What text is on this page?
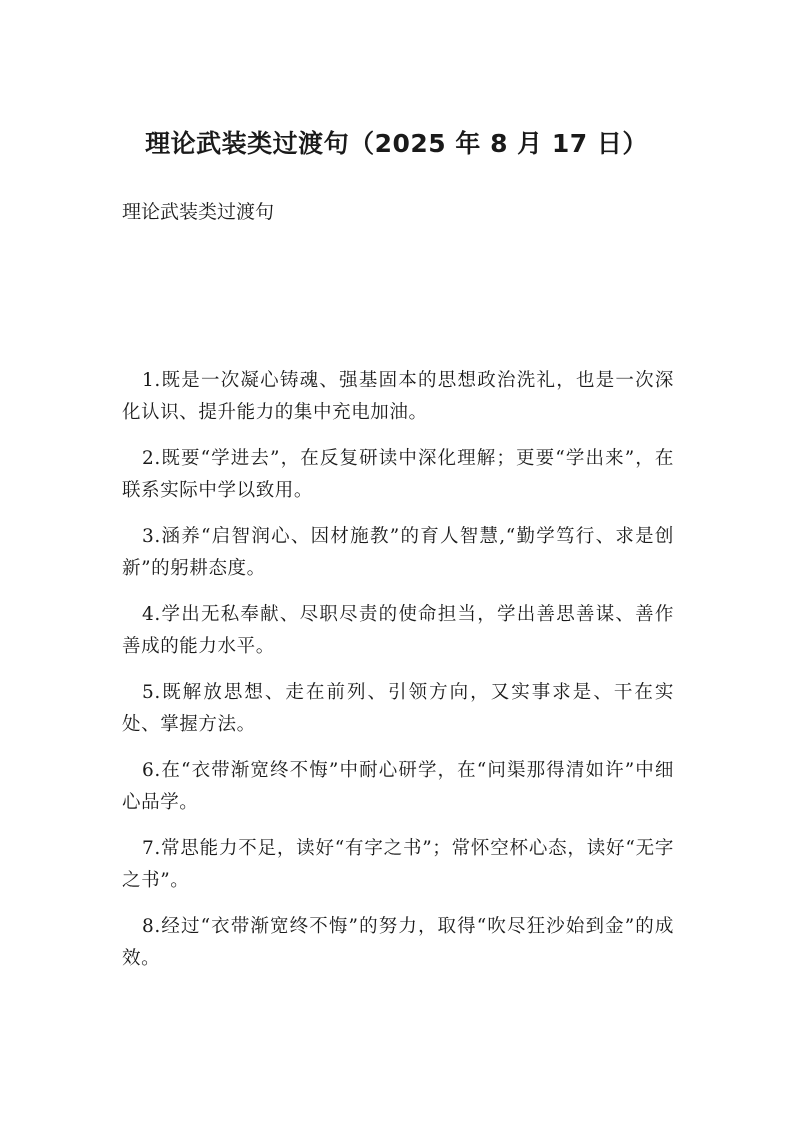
理论武装类过渡句（2025 年 8 月 17 日）

理论武装类过渡句

1.既是一次凝心铸魂、强基固本的思想政治洗礼，也是一次深化认识、提升能力的集中充电加油。
2.既要“学进去”，在反复研读中深化理解；更要“学出来”，在联系实际中学以致用。
3.涵养“启智润心、因材施教”的育人智慧,“勤学笃行、求是创新”的躬耕态度。
4.学出无私奉献、尽职尽责的使命担当，学出善思善谋、善作善成的能力水平。
5.既解放思想、走在前列、引领方向，又实事求是、干在实处、掌握方法。
6.在“衣带渐宽终不悔”中耐心研学，在“问渠那得清如许”中细心品学。
7.常思能力不足，读好“有字之书”；常怀空杯心态，读好“无字之书”。
8.经过“衣带渐宽终不悔”的努力，取得“吹尽狂沙始到金”的成效。
